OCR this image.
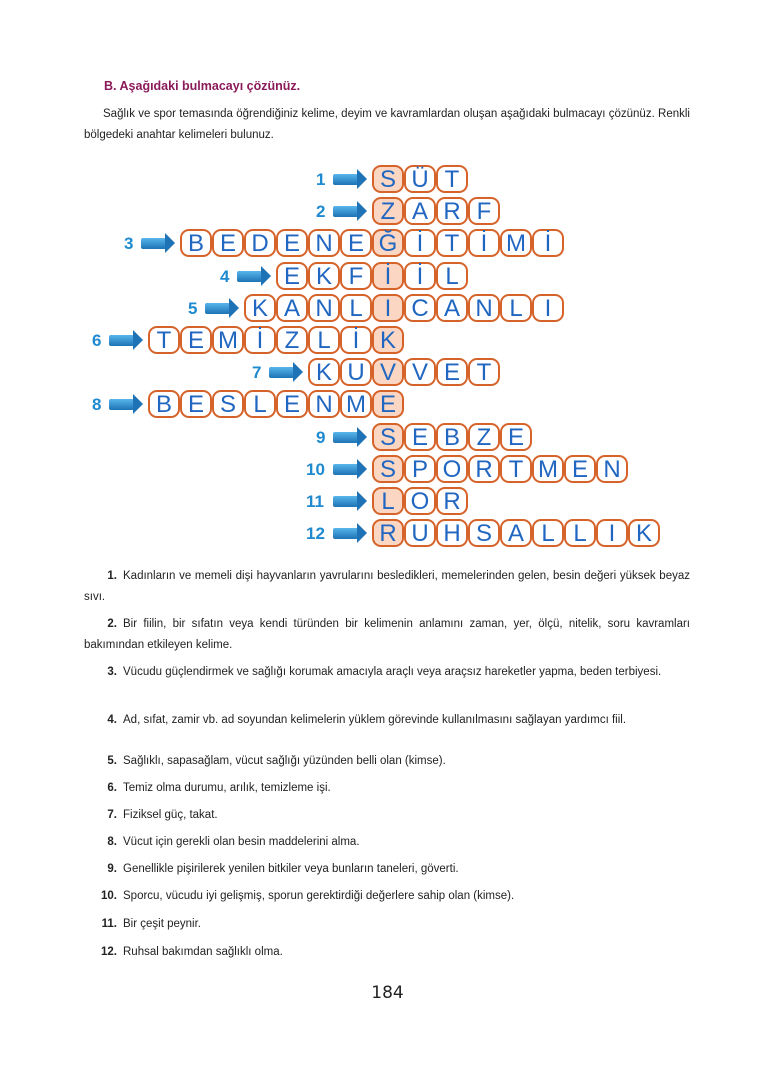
B. Aşağıdaki bulmacayı çözünüz.
Sağlık ve spor temasında öğrendiğiniz kelime, deyim ve kavramlardan oluşan aşağıdaki bulmacayı çözünüz. Renkli bölgedeki anahtar kelimeleri bulunuz.
1	S Ü T
2	Z A R F
3	B E D E N E Ğ İ T İ M İ
4	E K F İ	İ L
5	K A N L I C A N L I
6	T E M İ Z L İ K
7	K U V V E T
8	B E S L E N M E
9	S E B Z E
10	S P O R T M E N
11	L O R
12	R U H S A L L I K
1. Kadınların ve memeli dişi hayvanların yavrularını besledikleri, memelerinden gelen, besin değeri yüksek beyaz sıvı.
2. Bir fiilin, bir sıfatın veya kendi türünden bir kelimenin anlamını zaman, yer, ölçü, nitelik, soru kavramları bakımından etkileyen kelime.
3. Vücudu güçlendirmek ve sağlığı korumak amacıyla araçlı veya araçsız hareketler yapma, beden terbiyesi.
4. Ad, sıfat, zamir vb. ad soyundan kelimelerin yüklem görevinde kullanılmasını sağlayan yardımcı fiil.
5. Sağlıklı, sapasağlam, vücut sağlığı yüzünden belli olan (kimse).
6. Temiz olma durumu, arılık, temizleme işi.
7. Fiziksel güç, takat.
8. Vücut için gerekli olan besin maddelerini alma.
9. Genellikle pişirilerek yenilen bitkiler veya bunların taneleri, göverti.
10. Sporcu, vücudu iyi gelişmiş, sporun gerektirdiği değerlere sahip olan (kimse).
11. Bir çeşit peynir.
12. Ruhsal bakımdan sağlıklı olma.
184
